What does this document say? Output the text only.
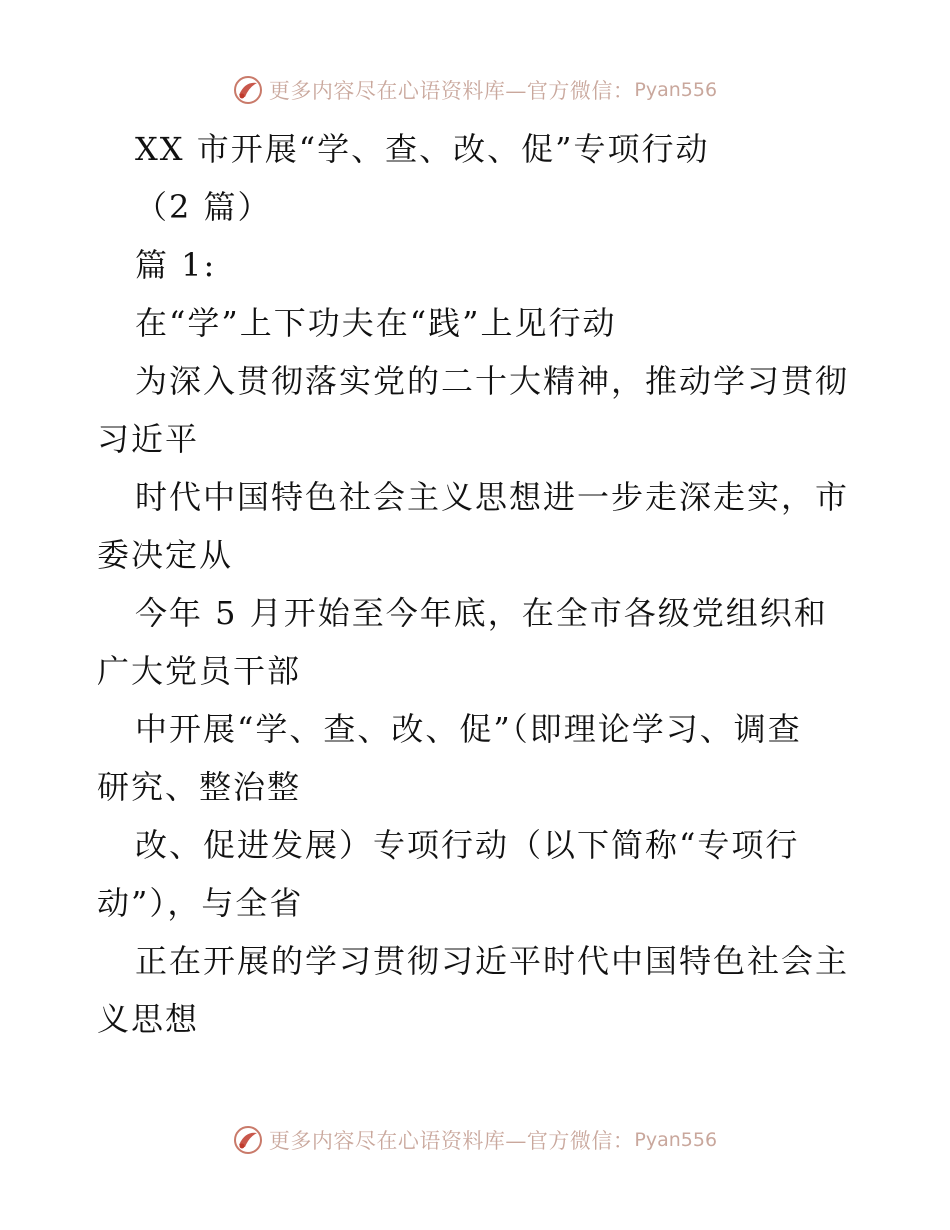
更多内容尽在心语资料库—官方微信： Pyan556
XX 市开展“学、查、改、促”专项行动
（2 篇）
篇 1:
在“学”上下功夫在“践”上见行动
为深入贯彻落实党的二十大精神，推动学习贯彻
习近平
时代中国特色社会主义思想进一步走深走实，市
委决定从
今年 5 月开始至今年底，在全市各级党组织和
广大党员干部
中开展“学、查、改、促”（即理论学习、调查
研究、整治整
改、促进发展）专项行动（以下简称“专项行
动”），与全省
正在开展的学习贯彻习近平时代中国特色社会主
义思想
更多内容尽在心语资料库—官方微信： Pyan556
